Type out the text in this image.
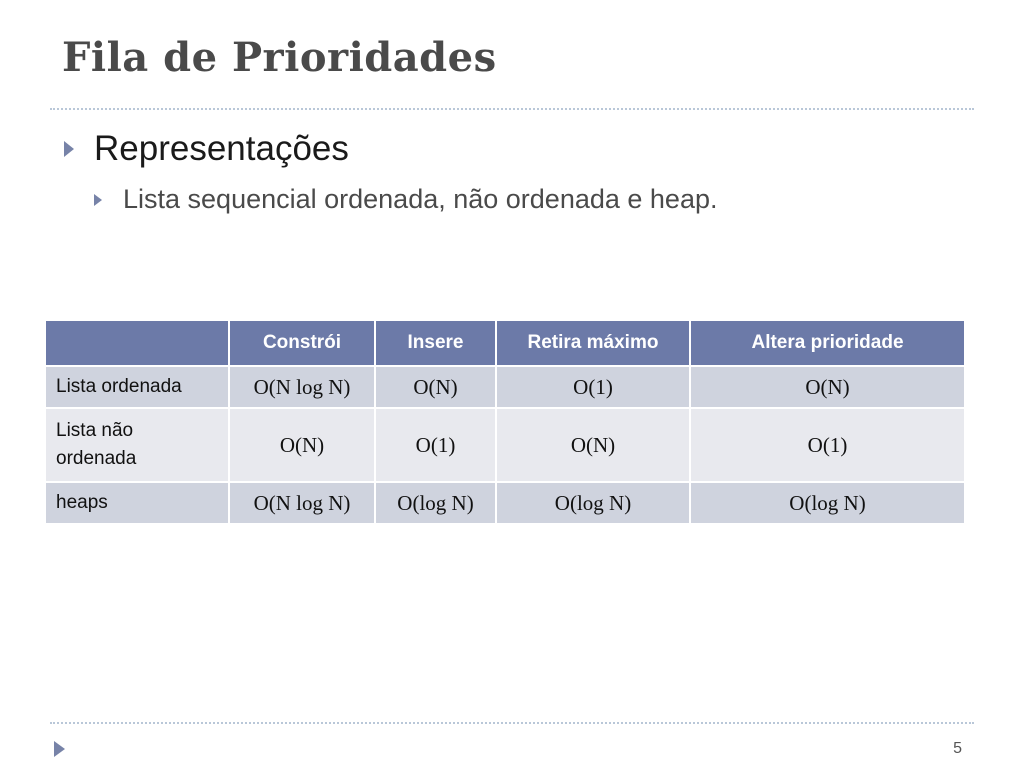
Fila de Prioridades
Representações
Lista sequencial ordenada, não ordenada e heap.
	Constrói	Insere	Retira máximo	Altera prioridade
Lista ordenada	O(N log N)	O(N)	O(1)	O(N)
Lista não ordenada	O(N)	O(1)	O(N)	O(1)
heaps	O(N log N)	O(log N)	O(log N)	O(log N)
5
